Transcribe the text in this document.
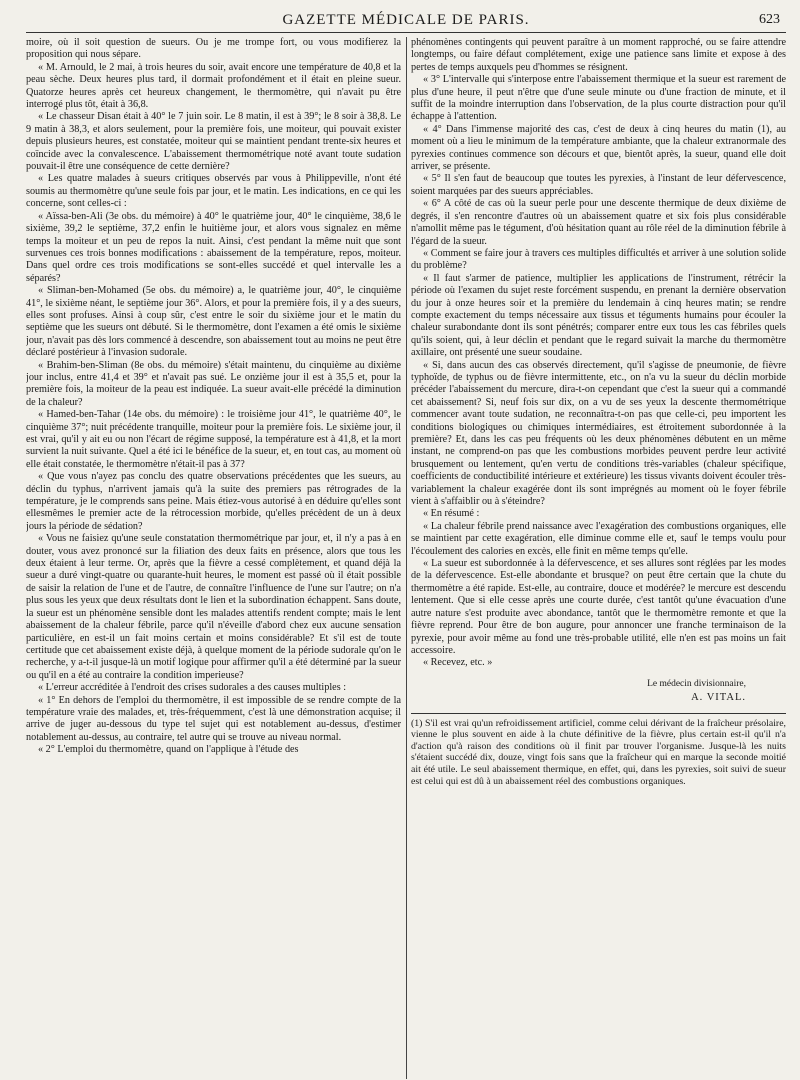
GAZETTE MÉDICALE DE PARIS.	623

moire, où il soit question de sueurs. Ou je me trompe fort, ou vous modifierez la proposition qui nous sépare.

« M. Arnould, le 2 mai, à trois heures du soir, avait encore une température de 40,8 et la peau sèche. Deux heures plus tard, il dormait profondément et il était en pleine sueur. Quatorze heures après cet heureux changement, le thermomètre, qui n'avait pu être interrogé plus tôt, était à 36,8.

« Le chasseur Disan était à 40° le 7 juin soir. Le 8 matin, il est à 39°; le 8 soir à 38,8. Le 9 matin à 38,3, et alors seulement, pour la première fois, une moiteur, qui pouvait exister depuis plusieurs heures, est constatée, moiteur qui se maintient pendant trente-six heures et coïncide avec la convalescence. L'abaissement thermométrique noté avant toute sudation pouvait-il être une conséquence de cette dernière?

« Les quatre malades à sueurs critiques observés par vous à Philippeville, n'ont été soumis au thermomètre qu'une seule fois par jour, et le matin. Les indications, en ce qui les concerne, sont celles-ci :

« Aïssa-ben-Ali (3e obs. du mémoire) à 40° le quatrième jour, 40° le cinquième, 38,6 le sixième, 39,2 le septième, 37,2 enfin le huitième jour, et alors vous signalez en même temps la moiteur et un peu de repos la nuit. Ainsi, c'est pendant la même nuit que sont survenues ces trois bonnes modifications : abaissement de la température, repos, moiteur. Dans quel ordre ces trois modifications se sont-elles succédé et quel intervalle les a séparés?

« Sliman-ben-Mohamed (5e obs. du mémoire) a, le quatrième jour, 40°, le cinquième 41°, le sixième néant, le septième jour 36°. Alors, et pour la première fois, il y a des sueurs, elles sont profuses. Ainsi à coup sûr, c'est entre le soir du sixième jour et le matin du septième que les sueurs ont débuté. Si le thermomètre, dont l'examen a été omis le sixième jour, n'avait pas dès lors commencé à descendre, son abaissement tout au moins ne peut être déclaré postérieur à l'invasion sudorale.

« Brahim-ben-Sliman (8e obs. du mémoire) s'était maintenu, du cinquième au dixième jour inclus, entre 41,4 et 39° et n'avait pas sué. Le onzième jour il est à 35,5 et, pour la première fois, la moiteur de la peau est indiquée. La sueur avait-elle précédé la diminution de la chaleur?

« Hamed-ben-Tahar (14e obs. du mémoire) : le troisième jour 41°, le quatrième 40°, le cinquième 37°; nuit précédente tranquille, moiteur pour la première fois. Le sixième jour, il est vrai, qu'il y ait eu ou non l'écart de régime supposé, la température est à 41,8, et la mort survient la nuit suivante. Quel a été ici le bénéfice de la sueur, et, en tout cas, au moment où elle était constatée, le thermomètre n'était-il pas à 37?

« Que vous n'ayez pas conclu des quatre observations précédentes que les sueurs, au déclin du typhus, n'arrivent jamais qu'à la suite des premiers pas rétrogrades de la température, je le comprends sans peine. Mais étiez-vous autorisé à en déduire qu'elles sont ellesmêmes le premier acte de la rétrocession morbide, qu'elles précèdent de un à deux jours la période de sédation?

« Vous ne faisiez qu'une seule constatation thermométrique par jour, et, il n'y a pas à en douter, vous avez prononcé sur la filiation des deux faits en présence, alors que tous les deux étaient à leur terme. Or, après que la fièvre a cessé complètement, et quand déjà la sueur a duré vingt-quatre ou quarante-huit heures, le moment est passé où il était possible de saisir la relation de l'une et de l'autre, de connaître l'influence de l'une sur l'autre; on n'a plus sous les yeux que deux résultats dont le lien et la subordination échappent. Sans doute, la sueur est un phénomène sensible dont les malades attentifs rendent compte; mais le lent abaissement de la chaleur fébrile, parce qu'il n'éveille d'abord chez eux aucune sensation particulière, en est-il un fait moins certain et moins considérable? Et s'il est de toute certitude que cet abaissement existe déjà, à quelque moment de la période sudorale qu'on le recherche, y a-t-il jusque-là un motif logique pour affirmer qu'il a été déterminé par la sueur ou qu'il en a été au contraire la condition imperieuse?

« L'erreur accréditée à l'endroit des crises sudorales a des causes multiples :

« 1° En dehors de l'emploi du thermomètre, il est impossible de se rendre compte de la température vraie des malades, et, très-fréquemment, c'est là une démonstration acquise; il arrive de juger au-dessous du type tel sujet qui est notablement au-dessus, d'estimer notablement au-dessus, au contraire, tel autre qui se trouve au niveau normal.

« 2° L'emploi du thermomètre, quand on l'applique à l'étude des

phénomènes contingents qui peuvent paraître à un moment rapproché, ou se faire attendre longtemps, ou faire défaut complétement, exige une patience sans limite et expose à des pertes de temps auxquels peu d'hommes se résignent.

« 3° L'intervalle qui s'interpose entre l'abaissement thermique et la sueur est rarement de plus d'une heure, il peut n'être que d'une seule minute ou d'une fraction de minute, et il suffit de la moindre interruption dans l'observation, de la plus courte distraction pour qu'il échappe à l'attention.

« 4° Dans l'immense majorité des cas, c'est de deux à cinq heures du matin (1), au moment où a lieu le minimum de la température ambiante, que la chaleur extranormale des pyrexies continues commence son décours et que, bientôt après, la sueur, quand elle doit arriver, se présente.

« 5° Il s'en faut de beaucoup que toutes les pyrexies, à l'instant de leur défervescence, soient marquées par des sueurs appréciables.

« 6° A côté de cas où la sueur perle pour une descente thermique de deux dixième de degrés, il s'en rencontre d'autres où un abaissement quatre et six fois plus considérable n'amollit même pas le tégument, d'où hésitation quant au rôle réel de la diminution fébrile à l'égard de la sueur.

« Comment se faire jour à travers ces multiples difficultés et arriver à une solution solide du problème?

« Il faut s'armer de patience, multiplier les applications de l'instrument, rétrécir la période où l'examen du sujet reste forcément suspendu, en prenant la dernière observation du jour à onze heures soir et la première du lendemain à cinq heures matin; se rendre compte exactement du temps nécessaire aux tissus et téguments humains pour écouler la chaleur surabondante dont ils sont pénétrés; comparer entre eux tous les cas fébriles quels qu'ils soient, qui, à leur déclin et pendant que le regard suivait la marche du thermomètre axillaire, ont présenté une sueur soudaine.

« Si, dans aucun des cas observés directement, qu'il s'agisse de pneumonie, de fièvre typhoïde, de typhus ou de fièvre intermittente, etc., on n'a vu la sueur du déclin morbide précéder l'abaissement du mercure, dira-t-on cependant que c'est la sueur qui a commandé cet abaissement? Si, neuf fois sur dix, on a vu de ses yeux la descente thermométrique commencer avant toute sudation, ne reconnaîtra-t-on pas que celle-ci, peu importent les conditions biologiques ou chimiques intermédiaires, est étroitement subordonnée à la première? Et, dans les cas peu fréquents où les deux phénomènes débutent en un même instant, ne comprend-on pas que les combustions morbides peuvent perdre leur activité brusquement ou lentement, qu'en vertu de conditions très-variables (chaleur spécifique, coefficients de conductibilité intérieure et extérieure) les tissus vivants doivent écouler très-variablement la chaleur exagérée dont ils sont imprégnés au moment où le foyer fébrile vient à s'affaiblir ou à s'éteindre?

« En résumé :

« La chaleur fébrile prend naissance avec l'exagération des combustions organiques, elle se maintient par cette exagération, elle diminue comme elle et, sauf le temps voulu pour l'écoulement des calories en excès, elle finit en même temps qu'elle.

« La sueur est subordonnée à la défervescence, et ses allures sont réglées par les modes de la défervescence. Est-elle abondante et brusque? on peut être certain que la chute du thermomètre a été rapide. Est-elle, au contraire, douce et modérée? le mercure est descendu lentement. Que si elle cesse après une courte durée, c'est tantôt qu'une évacuation d'une autre nature s'est produite avec abondance, tantôt que le thermomètre remonte et que la fièvre reprend. Pour être de bon augure, pour annoncer une franche terminaison de la pyrexie, pour avoir même au fond une très-probable utilité, elle n'en est pas moins un fait accessoire.

« Recevez, etc. »

Le médecin divisionnaire,
A. VITAL.

(1) S'il est vrai qu'un refroidissement artificiel, comme celui dérivant de la fraîcheur présolaire, vienne le plus souvent en aide à la chute définitive de la fièvre, plus certain est-il qu'il n'a d'action qu'à raison des conditions où il finit par trouver l'organisme. Jusque-là les nuits s'étaient succédé dix, douze, vingt fois sans que la fraîcheur qui en marque la seconde moitié ait été utile. Le seul abaissement thermique, en effet, qui, dans les pyrexies, soit suivi de sueur est celui qui est dû à un abaissement réel des combustions organiques.
